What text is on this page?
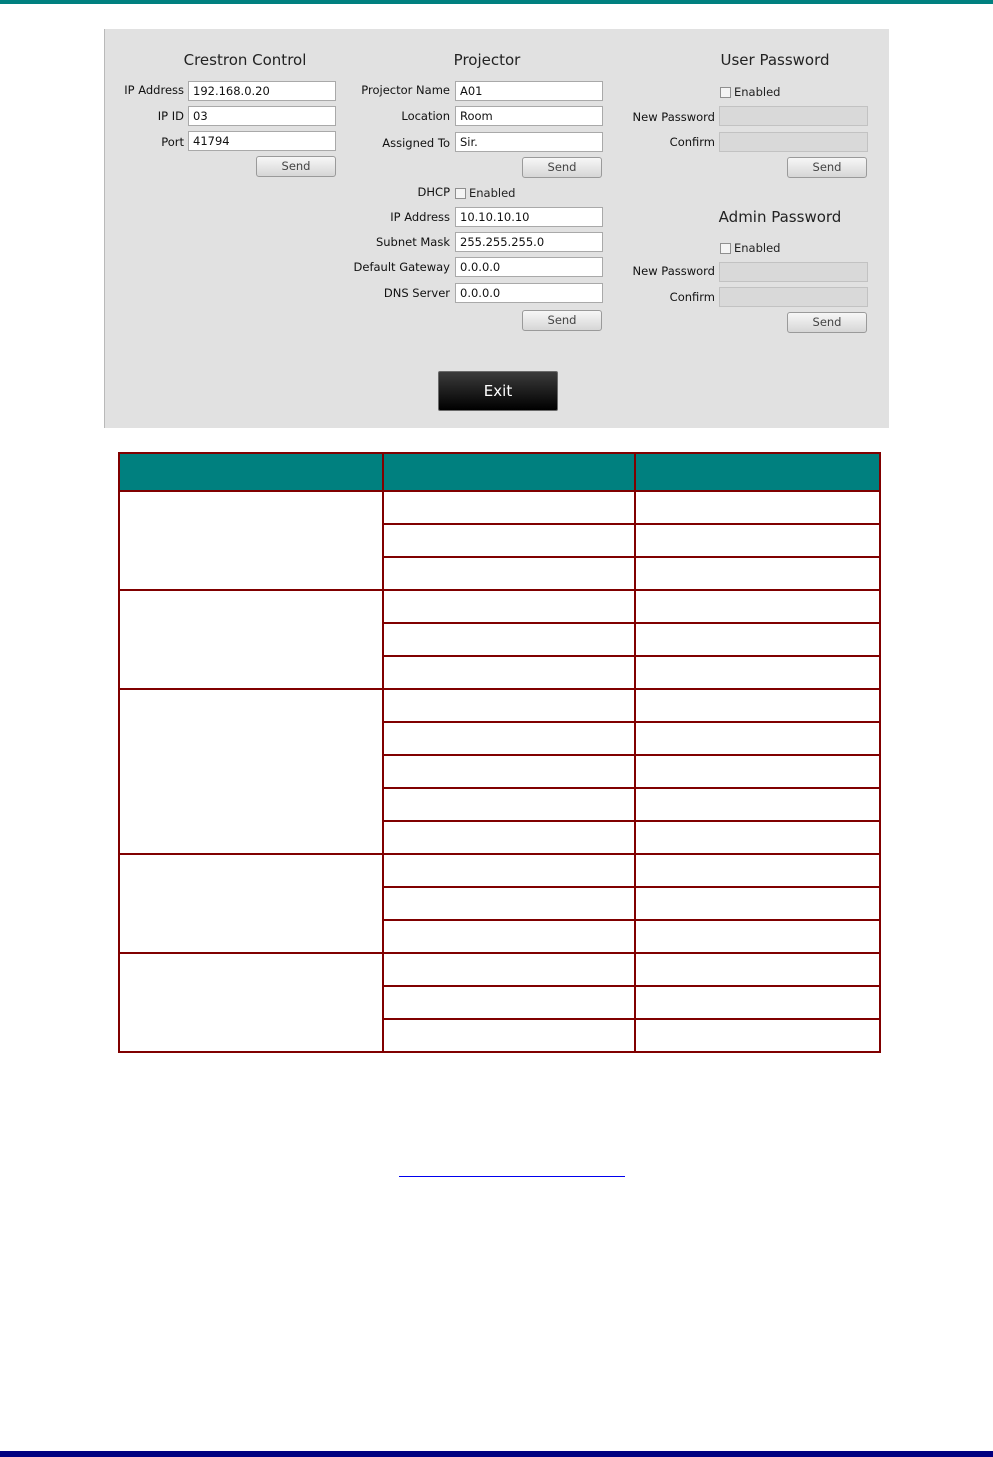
Crestron Control
IP Address 192.168.0.20
IP ID 03
Port 41794
Send
Projector
Projector Name A01
Location Room
Assigned To Sir.
Send
DHCP	Enabled
IP Address 10.10.10.10
Subnet Mask 255.255.255.0
Default Gateway 0.0.0.0
DNS Server 0.0.0.0
Send
User Password
Enabled
New Password
Confirm
Send
Admin Password
Enabled
New Password
Confirm
Send
Exit
